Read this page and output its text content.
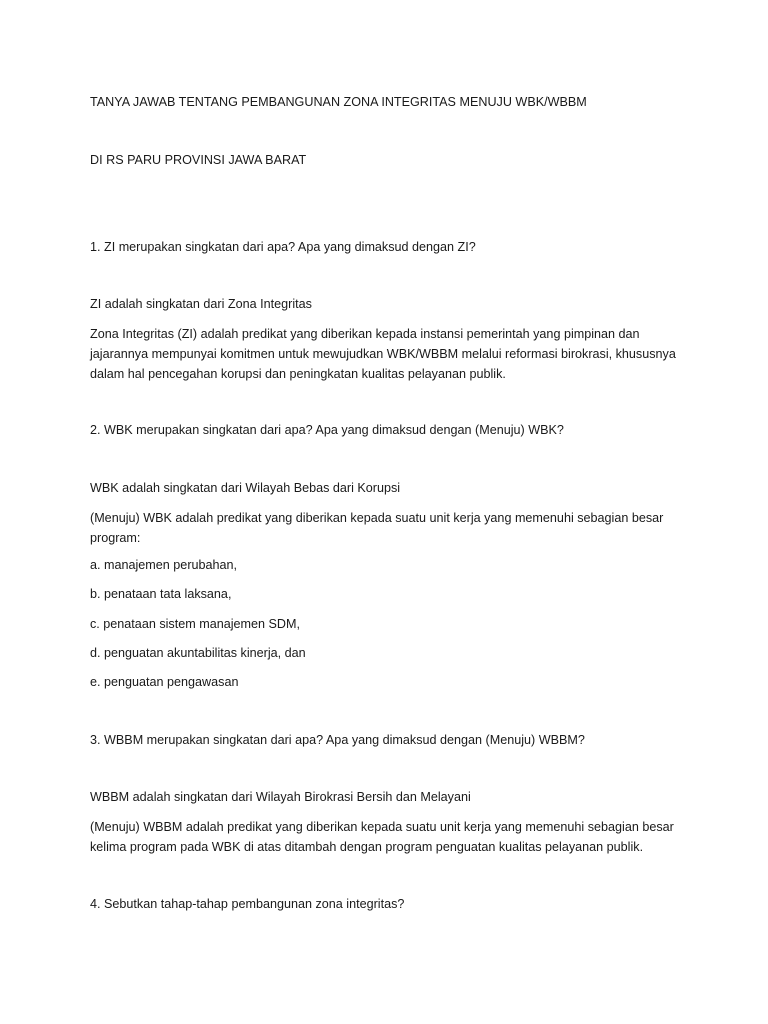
TANYA JAWAB TENTANG PEMBANGUNAN ZONA INTEGRITAS MENUJU WBK/WBBM

DI RS PARU PROVINSI JAWA BARAT

1. ZI merupakan singkatan dari apa? Apa yang dimaksud dengan ZI?

ZI adalah singkatan dari Zona Integritas

Zona Integritas (ZI) adalah predikat yang diberikan kepada instansi pemerintah yang pimpinan dan jajarannya mempunyai komitmen untuk mewujudkan WBK/WBBM melalui reformasi birokrasi, khususnya dalam hal pencegahan korupsi dan peningkatan kualitas pelayanan publik.

2. WBK merupakan singkatan dari apa? Apa yang dimaksud dengan (Menuju) WBK?

WBK adalah singkatan dari Wilayah Bebas dari Korupsi

(Menuju) WBK adalah predikat yang diberikan kepada suatu unit kerja yang memenuhi sebagian besar program:

a. manajemen perubahan,

b. penataan tata laksana,

c. penataan sistem manajemen SDM,

d. penguatan akuntabilitas kinerja, dan

e. penguatan pengawasan

3. WBBM merupakan singkatan dari apa? Apa yang dimaksud dengan (Menuju) WBBM?

WBBM adalah singkatan dari Wilayah Birokrasi Bersih dan Melayani

(Menuju) WBBM adalah predikat yang diberikan kepada suatu unit kerja yang memenuhi sebagian besar kelima program pada WBK di atas ditambah dengan program penguatan kualitas pelayanan publik.

4. Sebutkan tahap-tahap pembangunan zona integritas?
